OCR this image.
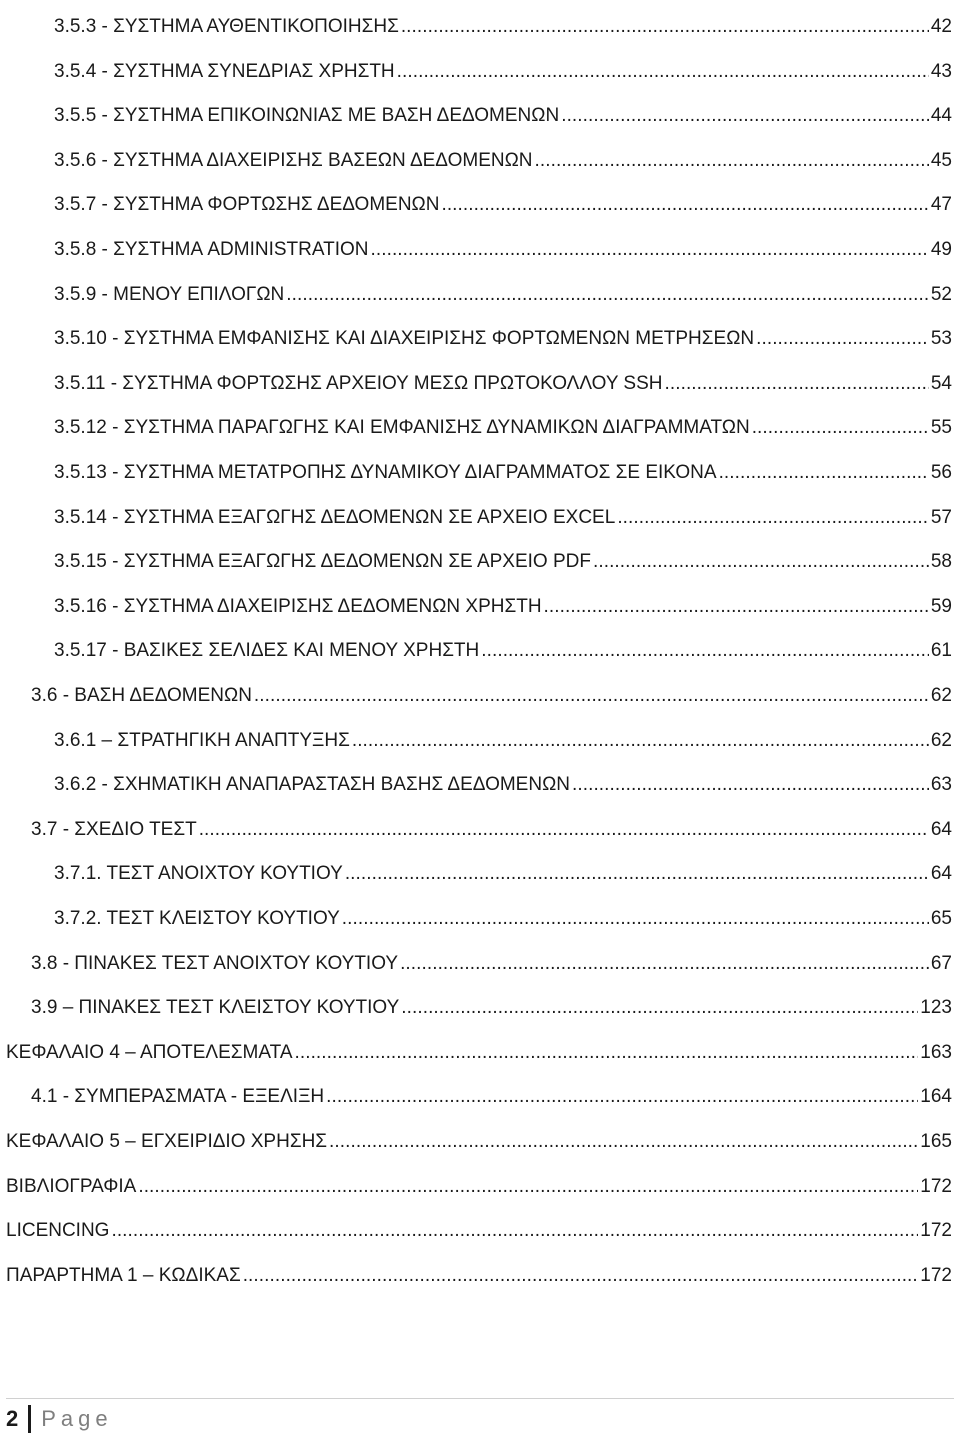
3.5.3 - ΣΥΣΤΗΜΑ ΑΥΘΕΝΤΙΚΟΠΟΙΗΣΗΣ . . .	42
3.5.4 - ΣΥΣΤΗΜΑ ΣΥΝΕΔΡΙΑΣ ΧΡΗΣΤΗ . . .	43
3.5.5 - ΣΥΣΤΗΜΑ ΕΠΙΚΟΙΝΩΝΙΑΣ ΜΕ ΒΑΣΗ ΔΕΔΟΜΕΝΩΝ . . .	44
3.5.6 - ΣΥΣΤΗΜΑ ΔΙΑΧΕΙΡΙΣΗΣ ΒΑΣΕΩΝ ΔΕΔΟΜΕΝΩΝ . . .	45
3.5.7 - ΣΥΣΤΗΜΑ ΦΟΡΤΩΣΗΣ ΔΕΔΟΜΕΝΩΝ . . .	47
3.5.8 - ΣΥΣΤΗΜΑ ADMINISTRATION . . .	49
3.5.9 - ΜΕΝΟΥ ΕΠΙΛΟΓΩΝ . . .	52
3.5.10 - ΣΥΣΤΗΜΑ ΕΜΦΑΝΙΣΗΣ ΚΑΙ ΔΙΑΧΕΙΡΙΣΗΣ ΦΟΡΤΩΜΕΝΩΝ ΜΕΤΡΗΣΕΩΝ . . .	53
3.5.11 - ΣΥΣΤΗΜΑ ΦΟΡΤΩΣΗΣ ΑΡΧΕΙΟΥ ΜΕΣΩ ΠΡΩΤΟΚΟΛΛΟΥ SSH . . .	54
3.5.12 - ΣΥΣΤΗΜΑ ΠΑΡΑΓΩΓΗΣ ΚΑΙ ΕΜΦΑΝΙΣΗΣ ΔΥΝΑΜΙΚΩΝ ΔΙΑΓΡΑΜΜΑΤΩΝ . . .	55
3.5.13 - ΣΥΣΤΗΜΑ ΜΕΤΑΤΡΟΠΗΣ ΔΥΝΑΜΙΚΟΥ ΔΙΑΓΡΑΜΜΑΤΟΣ ΣΕ ΕΙΚΟΝΑ . . .	56
3.5.14 - ΣΥΣΤΗΜΑ ΕΞΑΓΩΓΗΣ ΔΕΔΟΜΕΝΩΝ ΣΕ ΑΡΧΕΙΟ EXCEL . . .	57
3.5.15 - ΣΥΣΤΗΜΑ ΕΞΑΓΩΓΗΣ ΔΕΔΟΜΕΝΩΝ ΣΕ ΑΡΧΕΙΟ PDF . . .	58
3.5.16 - ΣΥΣΤΗΜΑ ΔΙΑΧΕΙΡΙΣΗΣ ΔΕΔΟΜΕΝΩΝ ΧΡΗΣΤΗ . . .	59
3.5.17 - ΒΑΣΙΚΕΣ ΣΕΛΙΔΕΣ ΚΑΙ ΜΕΝΟΥ ΧΡΗΣΤΗ . . .	61
3.6 - ΒΑΣΗ ΔΕΔΟΜΕΝΩΝ . . .	62
3.6.1 – ΣΤΡΑΤΗΓΙΚΗ ΑΝΑΠΤΥΞΗΣ . . .	62
3.6.2 - ΣΧΗΜΑΤΙΚΗ ΑΝΑΠΑΡΑΣΤΑΣΗ ΒΑΣΗΣ ΔΕΔΟΜΕΝΩΝ . . .	63
3.7 - ΣΧΕΔΙΟ ΤΕΣΤ . . .	64
3.7.1. ΤΕΣΤ ΑΝΟΙΧΤΟΥ ΚΟΥΤΙΟΥ . . .	64
3.7.2. ΤΕΣΤ ΚΛΕΙΣΤΟΥ ΚΟΥΤΙΟΥ . . .	65
3.8 - ΠΙΝΑΚΕΣ ΤΕΣΤ ΑΝΟΙΧΤΟΥ ΚΟΥΤΙΟΥ . . .	67
3.9 – ΠΙΝΑΚΕΣ ΤΕΣΤ ΚΛΕΙΣΤΟΥ ΚΟΥΤΙΟΥ . . .	123
ΚΕΦΑΛΑΙΟ 4 – ΑΠΟΤΕΛΕΣΜΑΤΑ . . .	163
4.1 - ΣΥΜΠΕΡΑΣΜΑΤΑ - ΕΞΕΛΙΞΗ . . .	164
ΚΕΦΑΛΑΙΟ 5 – ΕΓΧΕΙΡΙΔΙΟ ΧΡΗΣΗΣ . . .	165
ΒΙΒΛΙΟΓΡΑΦΙΑ . . .	172
LICENCING . . .	172
ΠΑΡΑΡΤΗΜΑ 1 – ΚΩΔΙΚΑΣ . . .	172
2 Page
